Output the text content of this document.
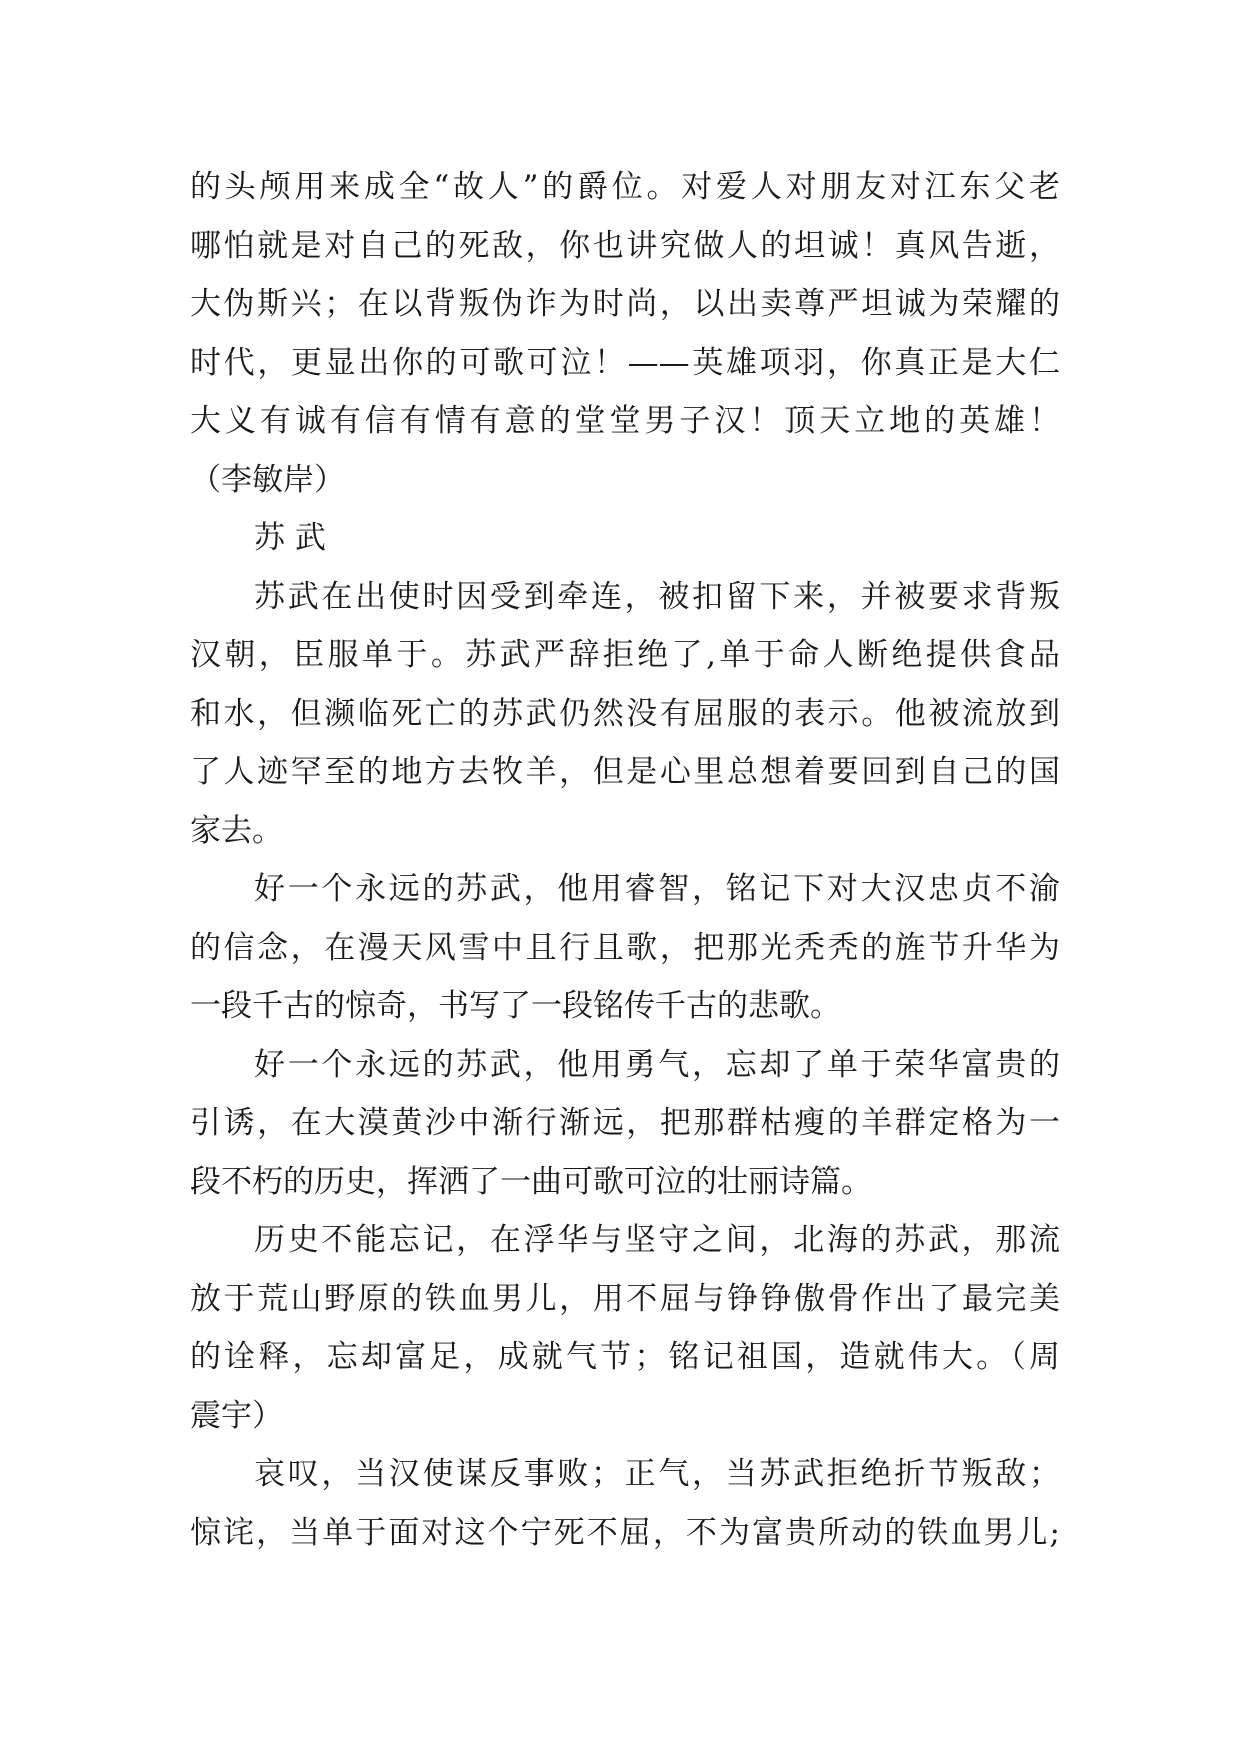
的头颅用来成全“故人”的爵位。对爱人对朋友对江东父老
哪怕就是对自己的死敌，你也讲究做人的坦诚！真风告逝，
大伪斯兴；在以背叛伪诈为时尚，以出卖尊严坦诚为荣耀的
时代，更显出你的可歌可泣！——英雄项羽，你真正是大仁
大义有诚有信有情有意的堂堂男子汉！顶天立地的英雄！
（李敏岸）
苏 武
苏武在出使时因受到牵连，被扣留下来，并被要求背叛
汉朝，臣服单于。苏武严辞拒绝了,单于命人断绝提供食品
和水，但濒临死亡的苏武仍然没有屈服的表示。他被流放到
了人迹罕至的地方去牧羊，但是心里总想着要回到自己的国
家去。
好一个永远的苏武，他用睿智，铭记下对大汉忠贞不渝
的信念，在漫天风雪中且行且歌，把那光秃秃的旌节升华为
一段千古的惊奇，书写了一段铭传千古的悲歌。
好一个永远的苏武，他用勇气，忘却了单于荣华富贵的
引诱，在大漠黄沙中渐行渐远，把那群枯瘦的羊群定格为一
段不朽的历史，挥洒了一曲可歌可泣的壮丽诗篇。
历史不能忘记，在浮华与坚守之间，北海的苏武，那流
放于荒山野原的铁血男儿，用不屈与铮铮傲骨作出了最完美
的诠释，忘却富足，成就气节；铭记祖国，造就伟大。（周
震宇）
哀叹，当汉使谋反事败；正气，当苏武拒绝折节叛敌；
惊诧，当单于面对这个宁死不屈，不为富贵所动的铁血男儿;
